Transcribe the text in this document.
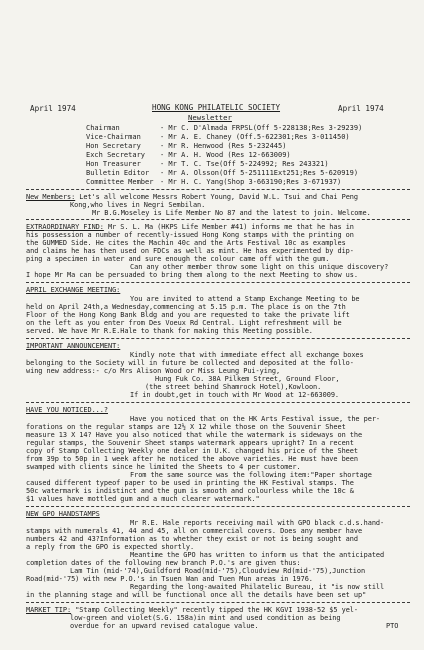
April 1974	HONG KONG PHILATELIC SOCIETY	April 1974
Newsletter
Chairman	- Mr C. D'Almada FRPSL(Off 5-228138;Res 3-29239)
Vice-Chairman	- Mr A. E. Chaney (Off.5-622301;Res 3-011450)
Hon Secretary	- Mr R. Henwood (Res 5-232445)
Exch Secretary - Mr A. H. Wood (Res 12-663009)
Hon Treasurer	- Mr T. C. Tse(Off 5-224992; Res 243321)
Bulletin Editor - Mr A. Olsson(Off 5-251111Ext251;Res 5-620919)
Committee Member - Mr H. C. Yang(Shop 3-663190;Res 3-671937)
New Members: Let's all welcome Messrs Robert Young, David W.L. Tsui and Chai Peng
Kong,who lives in Negri Sembilan.
Mr B.G.Moseley is Life Member No 87 and the latest to join. Welcome.
EXTRAORDINARY FIND: Mr S. L. Ma (HKPS Life Member #41) informs me that he has in
his possession a number of recently-issued Hong Kong stamps with the printing on
the GUMMED Side. He cites the Machin 40c and the Arts Festival 10c as examples
and claims he has then used on FDCs as well as mint. He has experimented by dip-
ping a specimen in water and sure enough the colour came off with the gum.
Can any other member throw some light on this unique discovery?
I hope Mr Ma can be persuaded to bring them along to the next Meeting to show us.
APRIL EXCHANGE MEETING:
You are invited to attend a Stamp Exchange Meeting to be
held on April 24th,a Wednesday,commencing at 5.15 p.m. The place is on the 7th
Floor of the Hong Kong Bank Bldg and you are requested to take the private lift
on the left as you enter from Des Voeux Rd Central. Light refreshment will be
served. We have Mr R.E.Hale to thank for making this Meeting possible.
IMPORTANT ANNOUNCEMENT:
Kindly note that with immediate effect all exchange boxes
belonging to the Society will in future be collected and deposited at the follo-
wing new address:- c/o Mrs Alison Wood or Miss Leung Pui-ying,
Hung Fuk Co. 38A Pilkem Street, Ground Floor,
(the street behind Shamrock Hotel),Kowloon.
If in doubt,get in touch with Mr Wood at 12-663009.
HAVE YOU NOTICED...?
Have you noticed that on the HK Arts Festival issue, the per-
forations on the regular stamps are 12½ X 12 while those on the Souvenir Sheet
measure 13 X 14? Have you also noticed that while the watermark is sideways on the
regular stamps, the Souvenir Sheet stamps watermark appears upright? In a recent
copy of Stamp Collecting Weekly one dealer in U.K. changed his price of the Sheet
from 39p to 50p in 1 week after he noticed the above varieties. He must have been
swamped with clients since he limited the Sheets to 4 per customer.
From the same source was the following item:"Paper shortage
caused different typeof paper to be used in printing the HK Festival stamps. The
50c watermark is indistinct and the gum is smooth and colourless while the 10c &
$1 values have mottled gum and a much clearer watermark."
NEW GPO HANDSTAMPS
Mr R.E. Hale reports receiving mail with GPO black c.d.s.hand-
stamps with numerals 41, 44 and 45, all on commercial covers. Does any member have
numbers 42 and 43?Information as to whether they exist or not is being sought and
a reply from the GPO is expected shortly.
Meantime the GPO has written to inform us that the anticipated
completion dates of the following new branch P.O.'s are given thus:
Lam Tin (mid-'74),Guildford Road(mid-'75),Cloudview Rd(mid-'75),Junction
Road(mid-'75) with new P.O.'s in Tsuen Wan and Tuen Mun areas in 1976.
Regarding the long-awaited Philatelic Bureau, it "is now still
in the planning stage and will be functional once all the details have been set up"
MARKET TIP: "Stamp Collecting Weekly" recently tipped the HK KGVI 1938-52 $5 yel-
low-green and violet(S.G. 158a)in mint and used condition as being
overdue for an upward revised catalogue value.	PTO
